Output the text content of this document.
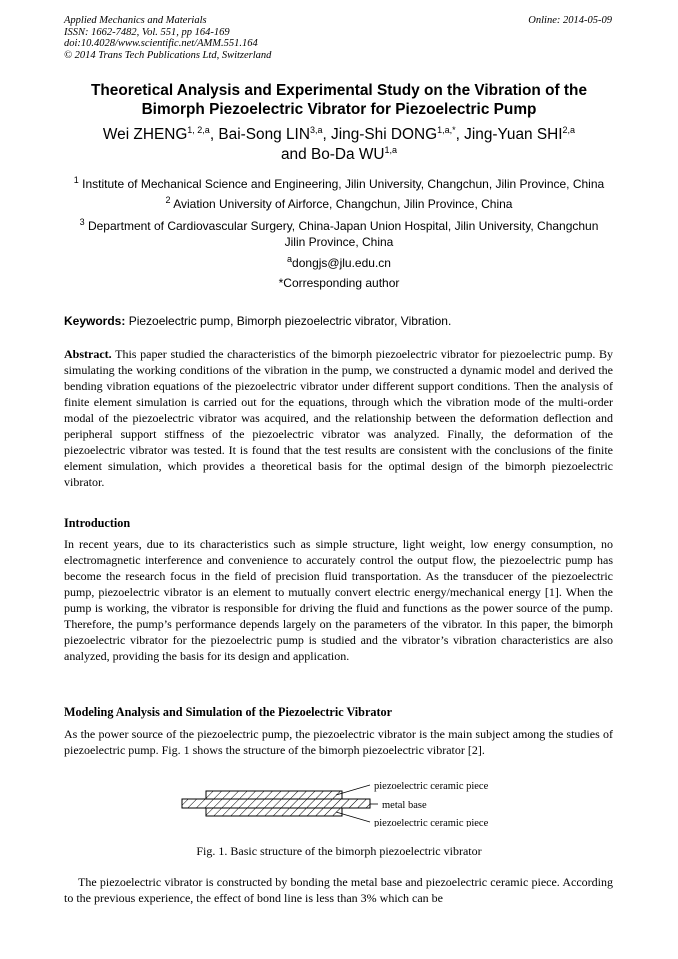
Applied Mechanics and Materials
ISSN: 1662-7482, Vol. 551, pp 164-169
doi:10.4028/www.scientific.net/AMM.551.164
© 2014 Trans Tech Publications Ltd, Switzerland
Online: 2014-05-09
Theoretical Analysis and Experimental Study on the Vibration of the
Bimorph Piezoelectric Vibrator for Piezoelectric Pump
Wei ZHENG$^{1, 2,a}$, Bai-Song LIN$^{3,a}$, Jing-Shi $DONG^{1,a,*}$, Jing-Yuan SHI$^{2,a}$
and Bo-Da WU$^{1,a}$
$^1$ Institute of Mechanical Science and Engineering, Jilin University, Changchun, Jilin Province, China
$^2$ Aviation University of Airforce, Changchun, Jilin Province, China
$^3$ Department of Cardiovascular Surgery, China-Japan Union Hospital, Jilin University, Changchun
Jilin Province, China
$^a$dongjs@jlu.edu.cn
*Corresponding author
Keywords: Piezoelectric pump, Bimorph piezoelectric vibrator, Vibration.
Abstract. This paper studied the characteristics of the bimorph piezoelectric vibrator for piezoelectric pump. By simulating the working conditions of the vibration in the pump, we constructed a dynamic model and derived the bending vibration equations of the piezoelectric vibrator under different support conditions. Then the analysis of finite element simulation is carried out for the equations, through which the vibration mode of the multi-order modal of the piezoelectric vibrator was acquired, and the relationship between the deformation deflection and peripheral support stiffness of the piezoelectric vibrator was analyzed. Finally, the deformation of the piezoelectric vibrator was tested. It is found that the test results are consistent with the conclusions of the finite element simulation, which provides a theoretical basis for the optimal design of the bimorph piezoelectric vibrator.
Introduction
In recent years, due to its characteristics such as simple structure, light weight, low energy consumption, no electromagnetic interference and convenience to accurately control the output flow, the piezoelectric pump has become the research focus in the field of precision fluid transportation. As the transducer of the piezoelectric pump, piezoelectric vibrator is an element to mutually convert electric energy/mechanical energy [1]. When the pump is working, the vibrator is responsible for driving the fluid and functions as the power source of the pump. Therefore, the pump’s performance depends largely on the parameters of the vibrator. In this paper, the bimorph piezoelectric vibrator for the piezoelectric pump is studied and the vibrator’s vibration characteristics are also analyzed, providing the basis for its design and application.
Modeling Analysis and Simulation of the Piezoelectric Vibrator
As the power source of the piezoelectric pump, the piezoelectric vibrator is the main subject among the studies of piezoelectric pump. Fig. 1 shows the structure of the bimorph piezoelectric vibrator [2].
piezoelectric ceramic piece
metal base
piezoelectric ceramic piece
Fig. 1. Basic structure of the bimorph piezoelectric vibrator
The piezoelectric vibrator is constructed by bonding the metal base and piezoelectric ceramic piece. According to the previous experience, the effect of bond line is less than 3% which can be
